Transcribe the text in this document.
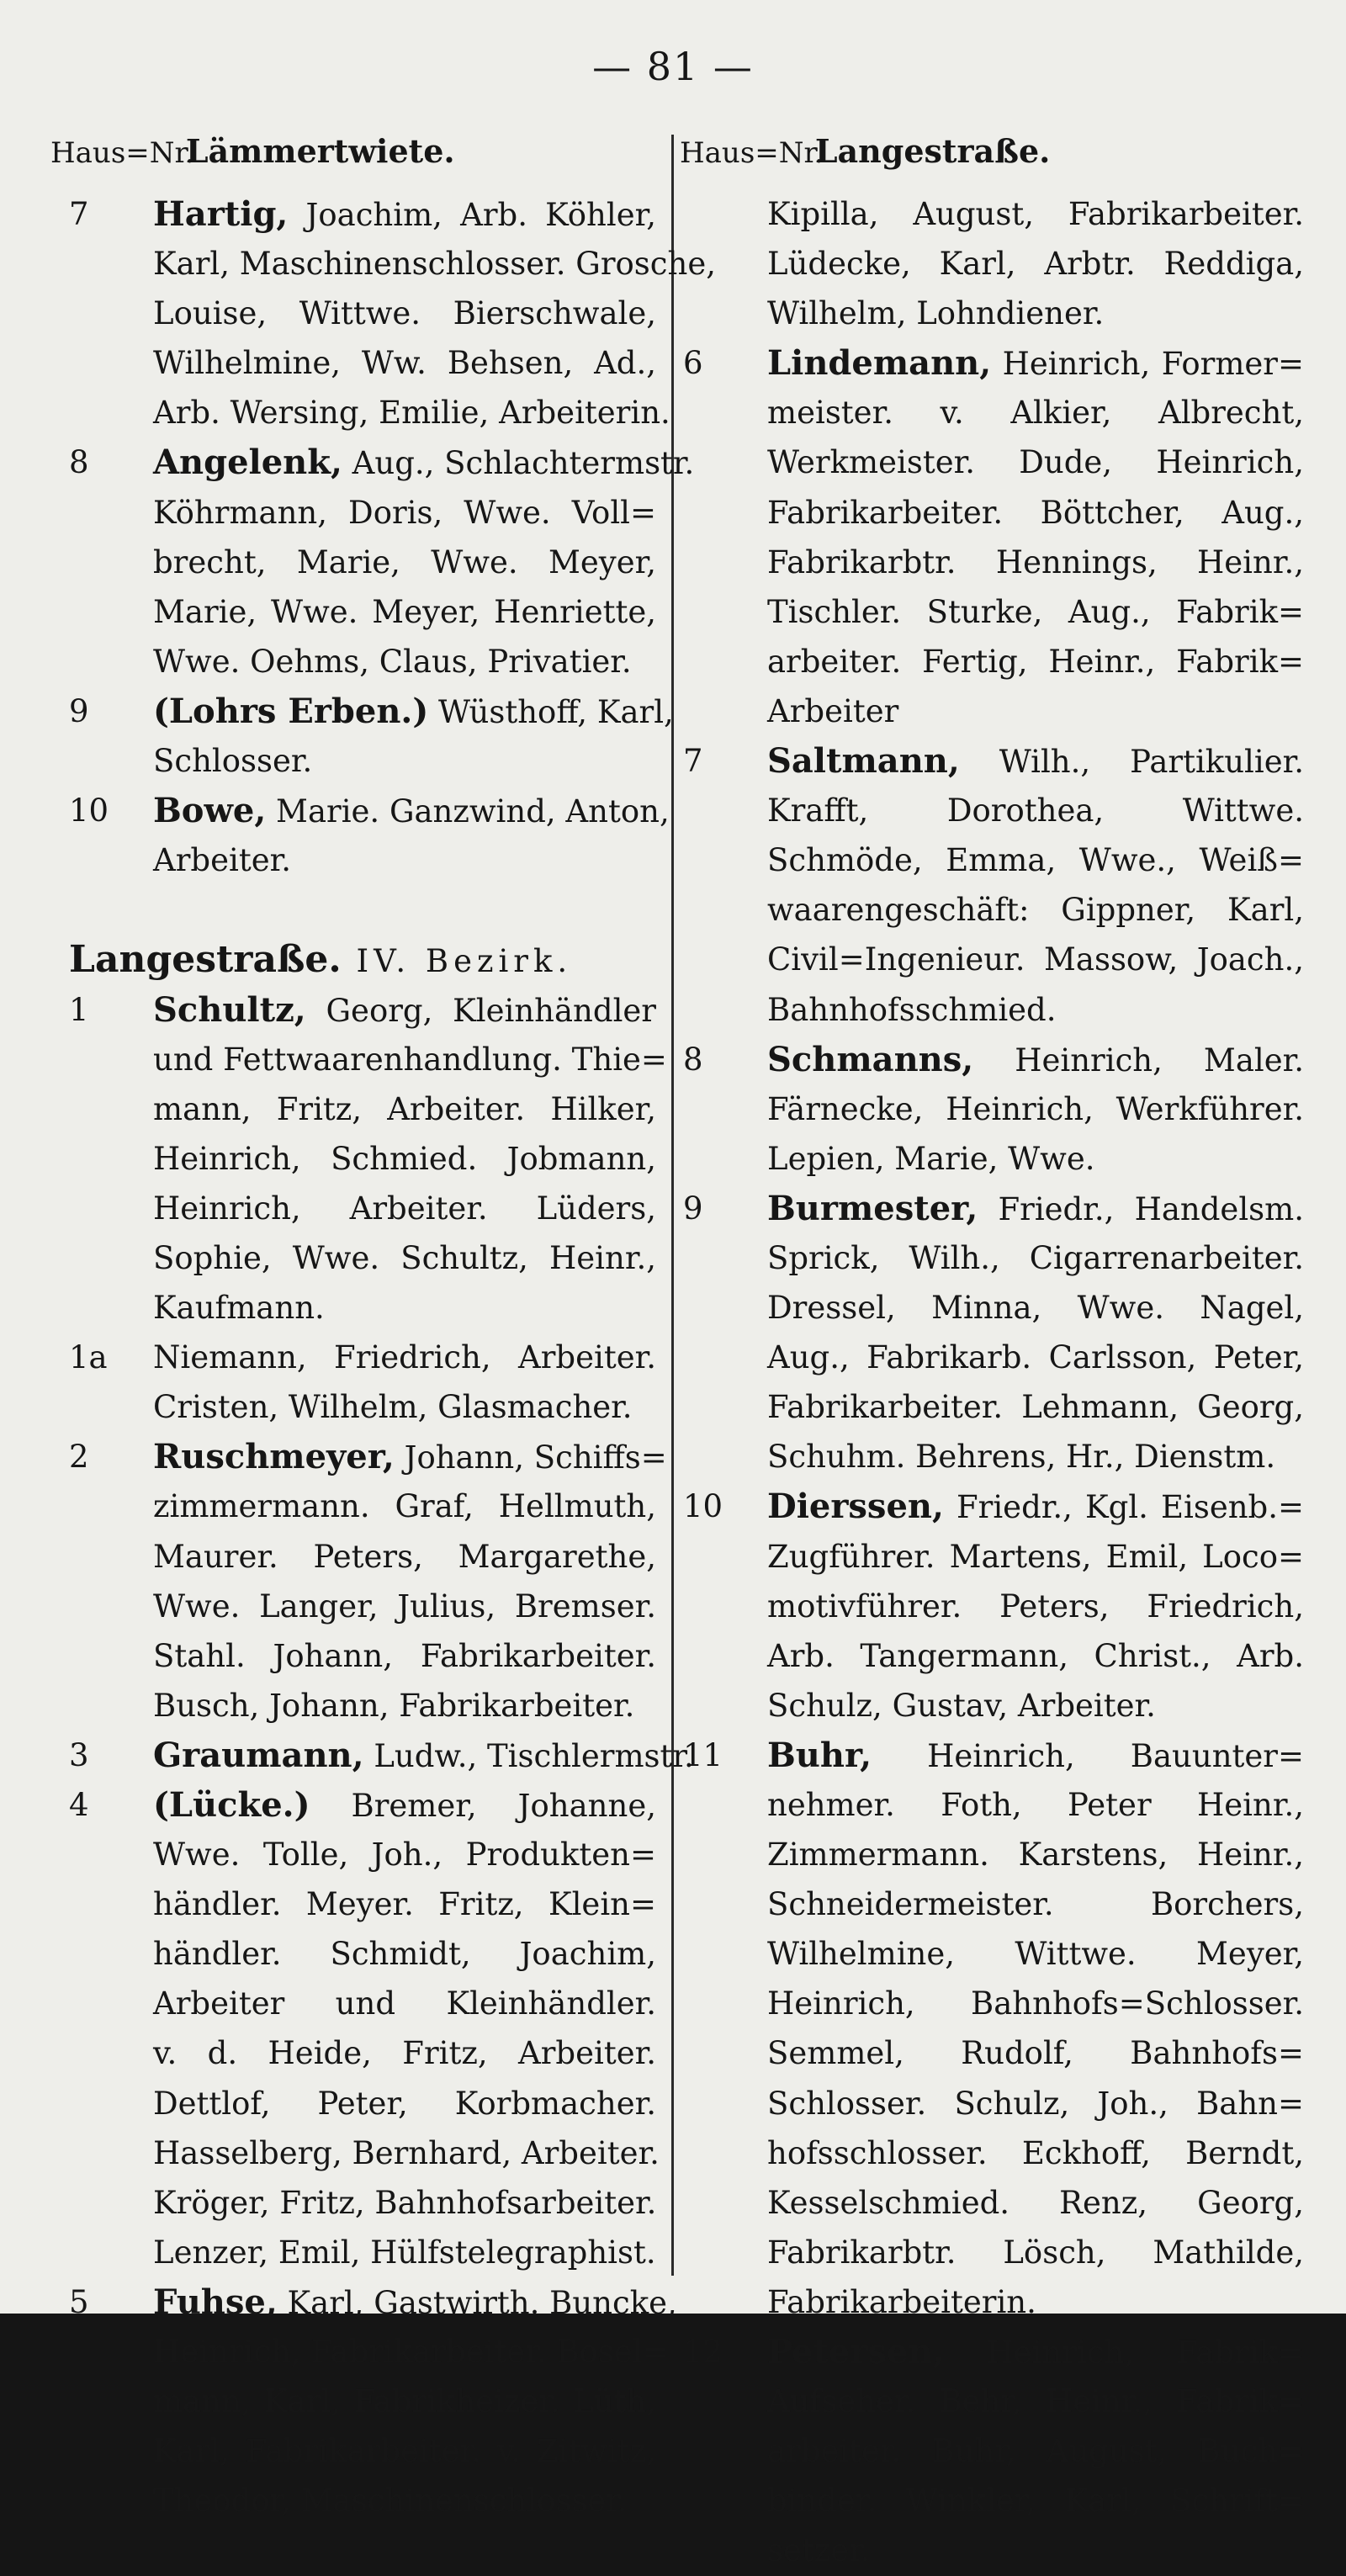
— 81 —
Haus=Nr. Lämmertwiete.	Haus=Nr. Langestraße.
7	Hartig, Joachim, Arb. Köhler,
Karl, Maschinenschlosser. Grosche,
Louise, Wittwe. Bierschwale,
Wilhelmine, Ww. Behsen, Ad.,
Arb. Wersing, Emilie, Arbeiterin.
8	Angelenk, Aug., Schlachtermstr.
Köhrmann, Doris, Wwe. Voll=
brecht, Marie, Wwe. Meyer,
Marie, Wwe. Meyer, Henriette,
Wwe. Oehms, Claus, Privatier.
9	(Lohrs Erben.) Wüsthoff, Karl,
Schlosser.
10	Bowe, Marie. Ganzwind, Anton,
Arbeiter.
Langestraße. IV. Bezirk.
1	Schultz, Georg, Kleinhändler
und Fettwaarenhandlung. Thie=
mann, Fritz, Arbeiter. Hilker,
Heinrich, Schmied. Jobmann,
Heinrich, Arbeiter. Lüders,
Sophie, Wwe. Schultz, Heinr.,
Kaufmann.
1a	Niemann, Friedrich, Arbeiter.
Cristen, Wilhelm, Glasmacher.
2	Ruschmeyer, Johann, Schiffs=
zimmermann. Graf, Hellmuth,
Maurer. Peters, Margarethe,
Wwe. Langer, Julius, Bremser.
Stahl. Johann, Fabrikarbeiter.
Busch, Johann, Fabrikarbeiter.
3	Graumann, Ludw., Tischlermstr.
4	(Lücke.) Bremer, Johanne,
Wwe. Tolle, Joh., Produkten=
händler. Meyer. Fritz, Klein=
händler. Schmidt, Joachim,
Arbeiter und Kleinhändler.
v. d. Heide, Fritz, Arbeiter.
Dettlof, Peter, Korbmacher.
Hasselberg, Bernhard, Arbeiter.
Kröger, Fritz, Bahnhofsarbeiter.
Lenzer, Emil, Hülfstelegraphist.
5	Fuhse, Karl, Gastwirth. Buncke,
Heinrich, Fabrikarbeiter. Bosel=
mann, Karl, Fabrikheizer. Lüth,
Karl, Fabrikarbeiter. v. Zitwitz,
Theodor, Maschinenschlosser.
Kipilla, August, Fabrikarbeiter.
Lüdecke, Karl, Arbtr. Reddiga,
Wilhelm, Lohndiener.
6	Lindemann, Heinrich, Former=
meister. v. Alkier, Albrecht,
Werkmeister. Dude, Heinrich,
Fabrikarbeiter. Böttcher, Aug.,
Fabrikarbtr. Hennings, Heinr.,
Tischler. Sturke, Aug., Fabrik=
arbeiter. Fertig, Heinr., Fabrik=
Arbeiter
7	Saltmann, Wilh., Partikulier.
Krafft, Dorothea, Wittwe.
Schmöde, Emma, Wwe., Weiß=
waarengeschäft: Gippner, Karl,
Civil=Ingenieur. Massow, Joach.,
Bahnhofsschmied.
8	Schmanns, Heinrich, Maler.
Färnecke, Heinrich, Werkführer.
Lepien, Marie, Wwe.
9	Burmester, Friedr., Handelsm.
Sprick, Wilh., Cigarrenarbeiter.
Dressel, Minna, Wwe. Nagel,
Aug., Fabrikarb. Carlsson, Peter,
Fabrikarbeiter. Lehmann, Georg,
Schuhm. Behrens, Hr., Dienstm.
10	Dierssen, Friedr., Kgl. Eisenb.=
Zugführer. Martens, Emil, Loco=
motivführer. Peters, Friedrich,
Arb. Tangermann, Christ., Arb.
Schulz, Gustav, Arbeiter.
11	Buhr, Heinrich, Bauunter=
nehmer. Foth, Peter Heinr.,
Zimmermann. Karstens, Heinr.,
Schneidermeister. Borchers,
Wilhelmine, Wittwe. Meyer,
Heinrich, Bahnhofs=Schlosser.
Semmel, Rudolf, Bahnhofs=
Schlosser. Schulz, Joh., Bahn=
hofsschlosser. Eckhoff, Berndt,
Kesselschmied. Renz, Georg,
Fabrikarbtr. Lösch, Mathilde,
Fabrikarbeiterin.
12	Petersen, Heinrich, Fabrik=
Aufseher. Behr, Heinr., Fabrik=
arbeiter. Buhr, August, Buch=
binder. Winkler, Karl, Schrift=
setzer.
